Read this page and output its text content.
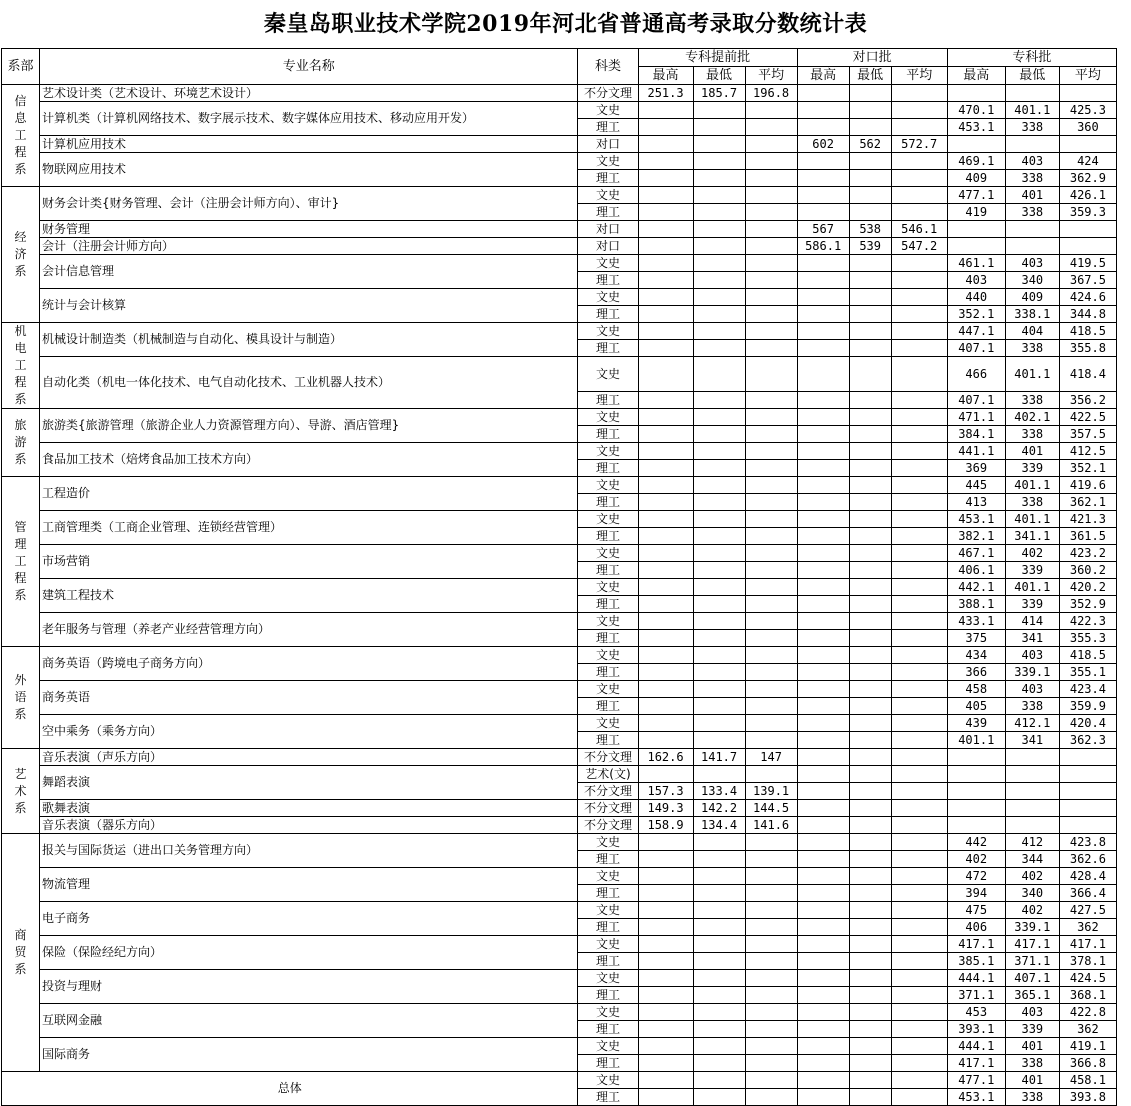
秦皇岛职业技术学院2019年河北省普通高考录取分数统计表
系部	专业名称	科类	专科提前批			对口批			专科批		
			最高	最低	平均	最高	最低	平均	最高	最低	平均

信息工程系	艺术设计类（艺术设计、环境艺术设计）	不分文理	251.3	185.7	196.8						
	计算机类（计算机网络技术、数字展示技术、数字媒体应用技术、移动应用开发）	文史							470.1	401.1	425.3
		理工							453.1	338	360
	计算机应用技术	对口				602	562	572.7			
	物联网应用技术	文史							469.1	403	424
		理工							409	338	362.9

经济系	财务会计类{财务管理、会计（注册会计师方向）、审计}	文史							477.1	401	426.1
		理工							419	338	359.3
	财务管理	对口				567	538	546.1			
	会计（注册会计师方向）	对口				586.1	539	547.2			
	会计信息管理	文史							461.1	403	419.5
		理工							403	340	367.5
	统计与会计核算	文史							440	409	424.6
		理工							352.1	338.1	344.8

机电工程系	机械设计制造类（机械制造与自动化、模具设计与制造）	文史							447.1	404	418.5
		理工							407.1	338	355.8
	自动化类（机电一体化技术、电气自动化技术、工业机器人技术）	文史							466	401.1	418.4
		理工							407.1	338	356.2

旅游系	旅游类{旅游管理（旅游企业人力资源管理方向）、导游、酒店管理}	文史							471.1	402.1	422.5
		理工							384.1	338	357.5
	食品加工技术（焙烤食品加工技术方向）	文史							441.1	401	412.5
		理工							369	339	352.1

管理工程系	工程造价	文史							445	401.1	419.6
		理工							413	338	362.1
	工商管理类（工商企业管理、连锁经营管理）	文史							453.1	401.1	421.3
		理工							382.1	341.1	361.5
	市场营销	文史							467.1	402	423.2
		理工							406.1	339	360.2
	建筑工程技术	文史							442.1	401.1	420.2
		理工							388.1	339	352.9
	老年服务与管理（养老产业经营管理方向）	文史							433.1	414	422.3
		理工							375	341	355.3

外语系	商务英语（跨境电子商务方向）	文史							434	403	418.5
		理工							366	339.1	355.1
	商务英语	文史							458	403	423.4
		理工							405	338	359.9
	空中乘务（乘务方向）	文史							439	412.1	420.4
		理工							401.1	341	362.3

艺术系	音乐表演（声乐方向）	不分文理	162.6	141.7	147						
	舞蹈表演	艺术(文)									
		不分文理	157.3	133.4	139.1						
	歌舞表演	不分文理	149.3	142.2	144.5						
	音乐表演（器乐方向）	不分文理	158.9	134.4	141.6						

商贸系	报关与国际货运（进出口关务管理方向）	文史							442	412	423.8
		理工							402	344	362.6
	物流管理	文史							472	402	428.4
		理工							394	340	366.4
	电子商务	文史							475	402	427.5
		理工							406	339.1	362
	保险（保险经纪方向）	文史							417.1	417.1	417.1
		理工							385.1	371.1	378.1
	投资与理财	文史							444.1	407.1	424.5
		理工							371.1	365.1	368.1
	互联网金融	文史							453	403	422.8
		理工							393.1	339	362
	国际商务	文史							444.1	401	419.1
		理工							417.1	338	366.8
总体		文史							477.1	401	458.1
		理工							453.1	338	393.8
